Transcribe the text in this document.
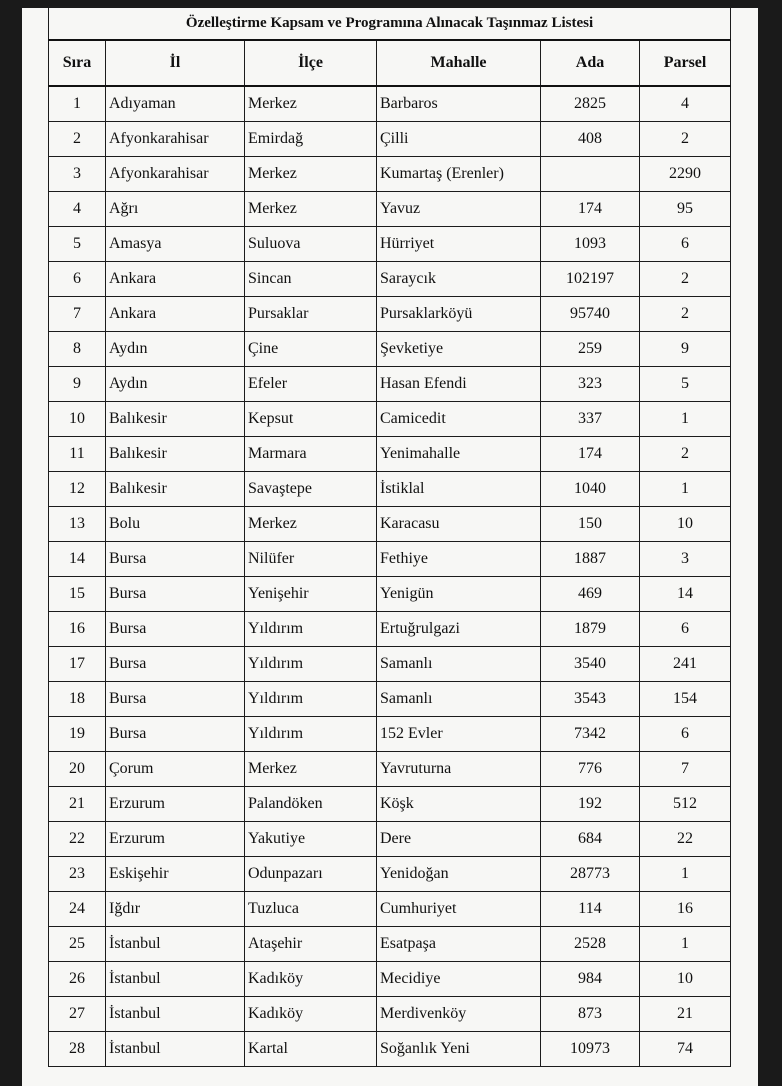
Özelleştirme Kapsam ve Programına Alınacak Taşınmaz Listesi					
Sıra	İl	İlçe	Mahalle	Ada	Parsel
1	Adıyaman	Merkez	Barbaros	2825	4
2	Afyonkarahisar	Emirdağ	Çilli	408	2
3	Afyonkarahisar	Merkez	Kumartaş (Erenler)		2290
4	Ağrı	Merkez	Yavuz	174	95
5	Amasya	Suluova	Hürriyet	1093	6
6	Ankara	Sincan	Saraycık	102197	2
7	Ankara	Pursaklar	Pursaklarköyü	95740	2
8	Aydın	Çine	Şevketiye	259	9
9	Aydın	Efeler	Hasan Efendi	323	5
10	Balıkesir	Kepsut	Camicedit	337	1
11	Balıkesir	Marmara	Yenimahalle	174	2
12	Balıkesir	Savaştepe	İstiklal	1040	1
13	Bolu	Merkez	Karacasu	150	10
14	Bursa	Nilüfer	Fethiye	1887	3
15	Bursa	Yenişehir	Yenigün	469	14
16	Bursa	Yıldırım	Ertuğrulgazi	1879	6
17	Bursa	Yıldırım	Samanlı	3540	241
18	Bursa	Yıldırım	Samanlı	3543	154
19	Bursa	Yıldırım	152 Evler	7342	6
20	Çorum	Merkez	Yavruturna	776	7
21	Erzurum	Palandöken	Köşk	192	512
22	Erzurum	Yakutiye	Dere	684	22
23	Eskişehir	Odunpazarı	Yenidoğan	28773	1
24	Iğdır	Tuzluca	Cumhuriyet	114	16
25	İstanbul	Ataşehir	Esatpaşa	2528	1
26	İstanbul	Kadıköy	Mecidiye	984	10
27	İstanbul	Kadıköy	Merdivenköy	873	21
28	İstanbul	Kartal	Soğanlık Yeni	10973	74
